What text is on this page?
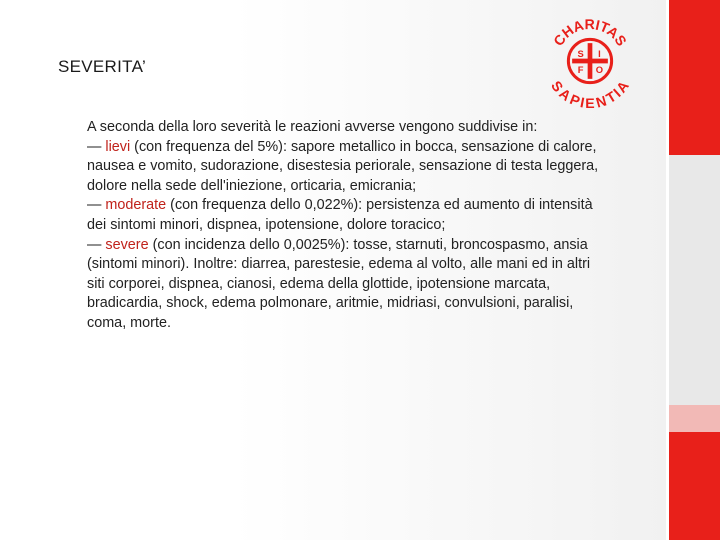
SEVERITA’
CHARITAS
SAPIENTIA
S I
F O

A seconda della loro severità le reazioni avverse vengono suddivise in:

— lievi (con frequenza del 5%): sapore metallico in bocca, sensazione di calore, nausea e vomito, sudorazione, disestesia periorale, sensazione di testa leggera, dolore nella sede dell'iniezione, orticaria, emicrania;

— moderate (con frequenza dello 0,022%): persistenza ed aumento di intensità dei sintomi minori, dispnea, ipotensione, dolore toracico;

— severe (con incidenza dello 0,0025%): tosse, starnuti, broncospasmo, ansia (sintomi minori). Inoltre: diarrea, parestesie, edema al volto, alle mani ed in altri siti corporei, dispnea, cianosi, edema della glottide, ipotensione marcata, bradicardia, shock, edema polmonare, aritmie, midriasi, convulsioni, paralisi, coma, morte.
